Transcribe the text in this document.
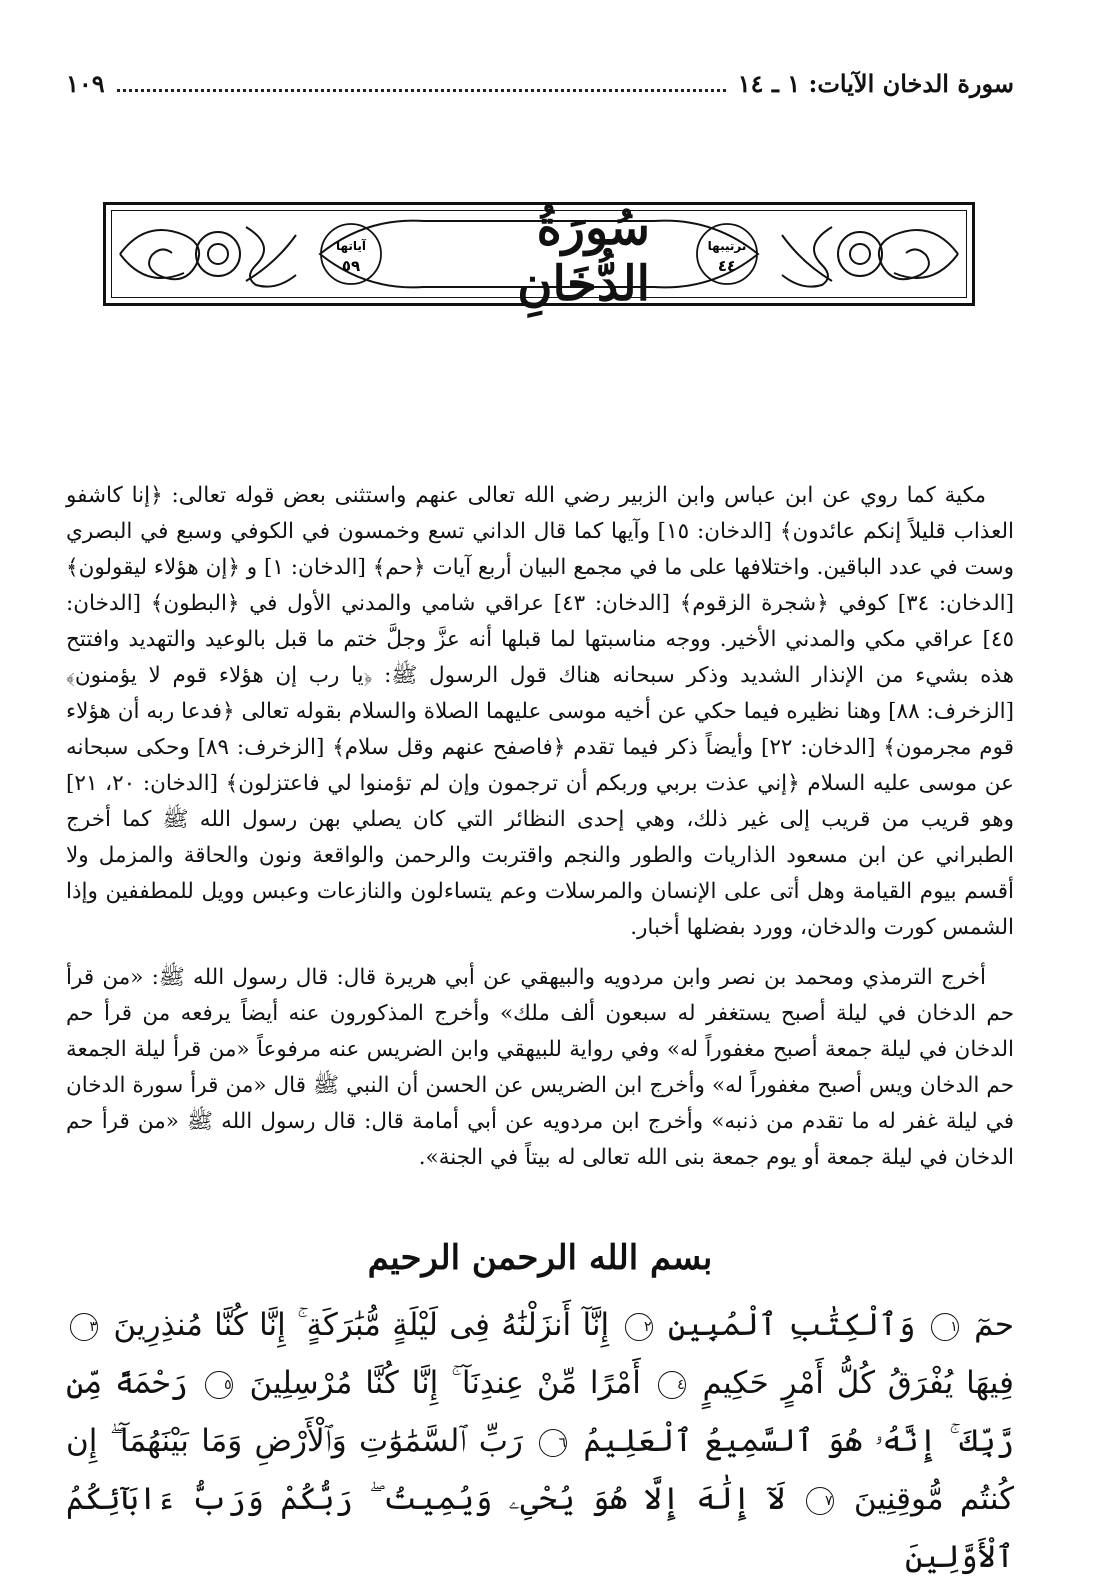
سورة الدخان الآيات: ١ ـ ١٤
١٠٩
آياتها
٥٩
ترتيبها
٤٤
سُورَةُ الدُّخَانِ

مكية كما روي عن ابن عباس وابن الزبير رضي الله تعالى عنهم واستثنى بعض قوله تعالى: ﴿إنا كاشفو العذاب قليلاً إنكم عائدون﴾ [الدخان: ١٥] وآيها كما قال الداني تسع وخمسون في الكوفي وسبع في البصري وست في عدد الباقين. واختلافها على ما في مجمع البيان أربع آيات ﴿حم﴾ [الدخان: ١] و ﴿إن هؤلاء ليقولون﴾ [الدخان: ٣٤] كوفي ﴿شجرة الزقوم﴾ [الدخان: ٤٣] عراقي شامي والمدني الأول في ﴿البطون﴾ [الدخان: ٤٥] عراقي مكي والمدني الأخير. ووجه مناسبتها لما قبلها أنه عزَّ وجلَّ ختم ما قبل بالوعيد والتهديد وافتتح هذه بشيء من الإنذار الشديد وذكر سبحانه هناك قول الرسول ﷺ: ﴿يا رب إن هؤلاء قوم لا يؤمنون﴾ [الزخرف: ٨٨] وهنا نظيره فيما حكي عن أخيه موسى عليهما الصلاة والسلام بقوله تعالى ﴿فدعا ربه أن هؤلاء قوم مجرمون﴾ [الدخان: ٢٢] وأيضاً ذكر فيما تقدم ﴿فاصفح عنهم وقل سلام﴾ [الزخرف: ٨٩] وحكى سبحانه عن موسى عليه السلام ﴿إني عذت بربي وربكم أن ترجمون وإن لم تؤمنوا لي فاعتزلون﴾ [الدخان: ٢٠، ٢١] وهو قريب من قريب إلى غير ذلك، وهي إحدى النظائر التي كان يصلي بهن رسول الله ﷺ كما أخرج الطبراني عن ابن مسعود الذاريات والطور والنجم واقتربت والرحمن والواقعة ونون والحاقة والمزمل ولا أقسم بيوم القيامة وهل أتى على الإنسان والمرسلات وعم يتساءلون والنازعات وعبس وويل للمطففين وإذا الشمس كورت والدخان، وورد بفضلها أخبار.

أخرج الترمذي ومحمد بن نصر وابن مردويه والبيهقي عن أبي هريرة قال: قال رسول الله ﷺ: «من قرأ حم الدخان في ليلة أصبح يستغفر له سبعون ألف ملك» وأخرج المذكورون عنه أيضاً يرفعه من قرأ حم الدخان في ليلة جمعة أصبح مغفوراً له» وفي رواية للبيهقي وابن الضريس عنه مرفوعاً «من قرأ ليلة الجمعة حم الدخان ويس أصبح مغفوراً له» وأخرج ابن الضريس عن الحسن أن النبي ﷺ قال «من قرأ سورة الدخان في ليلة غفر له ما تقدم من ذنبه» وأخرج ابن مردويه عن أبي أمامة قال: قال رسول الله ﷺ «من قرأ حم الدخان في ليلة جمعة أو يوم جمعة بنى الله تعالى له بيتاً في الجنة».

بسم الله الرحمن الرحيم
حمٓ ١ وَٱلْكِتَٰبِ ٱلْمُبِينِ ٢ إِنَّآ أَنزَلْنَٰهُ فِى لَيْلَةٍ مُّبَٰرَكَةٍ ۚ إِنَّا كُنَّا مُنذِرِينَ ٣ فِيهَا يُفْرَقُ كُلُّ أَمْرٍ حَكِيمٍ ٤ أَمْرًا مِّنْ عِندِنَآ ۚ إِنَّا كُنَّا مُرْسِلِينَ ٥ رَحْمَةً مِّن رَّبِّكَ ۚ إِنَّهُۥ هُوَ ٱلسَّمِيعُ ٱلْعَلِيمُ ٦ رَبِّ ٱلسَّمَٰوَٰتِ وَٱلْأَرْضِ وَمَا بَيْنَهُمَآ ۖ إِن كُنتُم مُّوقِنِينَ ٧ لَآ إِلَٰهَ إِلَّا هُوَ يُحْىِۦ وَيُمِيتُ ۖ رَبُّكُمْ وَرَبُّ ءَابَآئِكُمُ ٱلْأَوَّلِينَ
